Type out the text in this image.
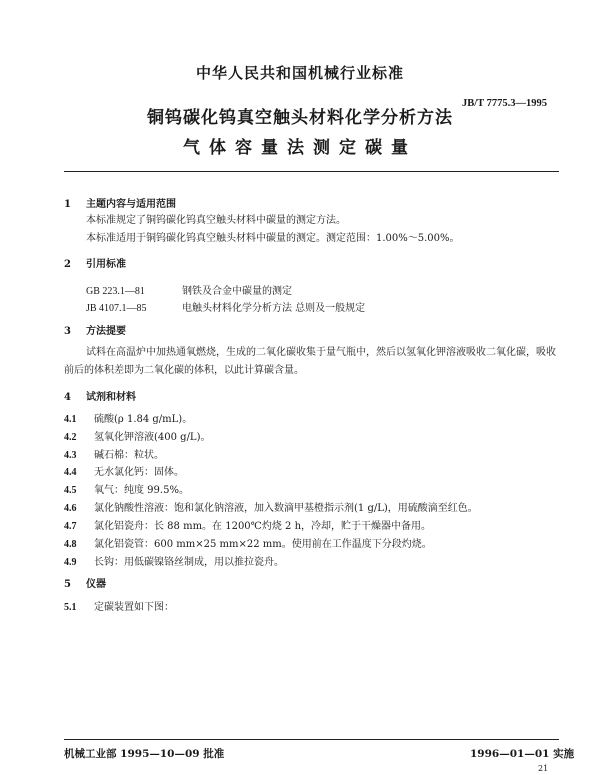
中华人民共和国机械行业标准
JB/T 7775.3—1995
铜钨碳化钨真空触头材料化学分析方法
气体容量法测定碳量
1 主题内容与适用范围
本标准规定了铜钨碳化钨真空触头材料中碳量的测定方法。
本标准适用于铜钨碳化钨真空触头材料中碳量的测定。测定范围：1.00%～5.00%。
2 引用标准
GB 223.1—81	钢铁及合金中碳量的测定
JB 4107.1—85	电触头材料化学分析方法 总则及一般规定
3 方法提要
试料在高温炉中加热通氧燃烧，生成的二氧化碳收集于量气瓶中，然后以氢氧化钾溶液吸收二氧化碳，吸收前后的体积差即为二氧化碳的体积，以此计算碳含量。
4 试剂和材料
4.1 硫酸(ρ 1.84 g/mL)。
4.2 氢氧化钾溶液(400 g/L)。
4.3 碱石棉：粒状。
4.4 无水氯化钙：固体。
4.5 氧气：纯度 99.5%。
4.6 氯化钠酸性溶液：饱和氯化钠溶液，加入数滴甲基橙指示剂(1 g/L)，用硫酸滴至红色。
4.7 氯化铝瓷舟：长 88 mm。在 1200℃灼烧 2 h，冷却，贮于干燥器中备用。
4.8 氯化铝瓷管：600 mm×25 mm×22 mm。使用前在工作温度下分段灼烧。
4.9 长钩：用低碳镍铬丝制成，用以推拉瓷舟。
5 仪器
5.1 定碳装置如下图：
机械工业部 1995—10—09 批准	1996—01—01 实施
21
